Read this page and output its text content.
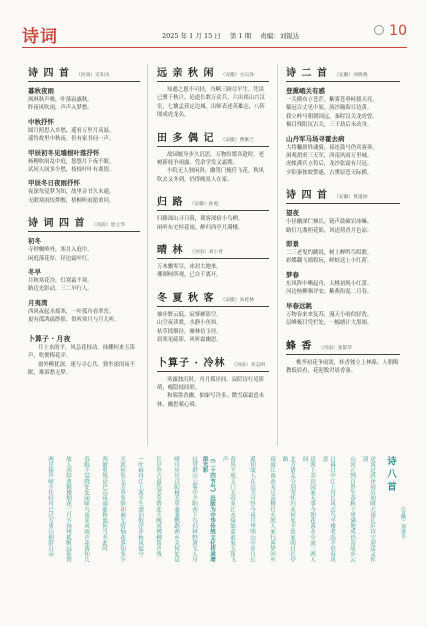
诗词	2025 年 1 月 15 日 第 1 期 责编：刘锐达	10
诗 四 首 （河南）史知水
暮秋夜雨
飒飒秋声晚，叶落寂露秋。
昨夜风吹雨，声声入梦愁。
中秋抒怀
圆月照思入乡愁，遥看万里月高悬。
遥怜故里中秋夜，仍有家书问一声。
甲辰初冬见墙根叶落抒怀
杨柳吹雨乱中庭，悠悠月下夜不眠。
试问人间多少愁，枝枝叶叶有离情。
甲辰冬日夜雨抒怀
夜深每觉梦为知，故里音书久未通。
无眠寒雨惊梦醒，梧桐听雨愿重问。
诗 词 四 首 （河南）唐立华
初冬
寺钟飘岭外，寒月入庭中。
闲庭落花厚，径边霜叶红。
冬早
月秋寒花冷，灯寒霜不寒。
路边光影动，三二早行人。
月夷湾
西风夜起水摇寒，一叶孤舟看翠峦。
更有孤鸿疏纱影，似听寒月与月儿听。
卜算子 · 月夜
月上水的平，风急花枝动。抹棚何来玉笛声，吹彻梅花弄。
窗外柳犹深，迷与寻心共。独坐深闺夜不眠，难诉愁无梦。
远 亲 秋 闲 （安徽）方宗泽
知遇之恩不可轻，乃啊三顾尽平生。凭谈已熏千秋计，论道长歌万众兵。六出祁山兴汉室，七擒孟获定边城。出师表述英雄志，八阵图成虎龙名。
田 多 偶 记 （安徽）曹紫兰
故园履身步久沉思，万物纷繁各趁时。老树新枝争雨露，凭余学发又霜期。
小院无人独闲斜，幽篁门掩任飞花。秋风吹去又冬到，仍得晚景人在家。
归 路 （安徽）孙进
归路深山寻日暮，琐客深宿小鸟栖。
闲听东宅桂花雨，醉归西亭月满楼。
晴 林 （河南）刘小青
万木飘零尽，冰封大地来。
珊瑚柯所观，已自千离开。
冬 夏 秋 客 （安徽）朱桂林
抽步野云低，寂寥雁影空。
山空夜读歌，水静小鱼知。
枯草摇烟径，雁林信玉径。
晨寒见疏影，风听霜幽思。
卜算子 · 冷林 （河南）李志明
寒露独沉时，舟月孤诠间。寂院诗行觅影萌，瘦隐枝间彩。
和端墨香幽，抽象写冷多，微雪疏霜意未休，幽思萦心境。
诗 二 首 （安徽）刘晓燕
登熏峨关有感
一关横布立苍茫，紫雾苍垂峙拔天亮。
戴冠百丈见中原，流沙瀚海日边黄。
我立岭马朝朝国远，秦时汉关龙虎曾。
极目残阳沉古关，三千劫后未动身。
山丹军马场寻霍去病
大将曬旗姓魂骑，祁连鼓马仍宾客奔。
洞观胡虏三天军，西南风雨万里城。
虎帐满兵立将后，龙沙张霜有尺冠。
夕阳秦独皎警遂，古熏原苍天际横。
诗 四 首 （安徽）黄道禄
望夜
小径幽深伫梯长，链声鼓破岩冰嘛。
路灯几盏照花影，风送荷香月色凉。
即景
二三老叟约跳说，树上蝉鸣鸟唱歌。
彩蝶翻飞嬉娱玩，鲜蛙送上小红荷。
梦春
东风阵中晰起舟，天桃初现小红蕾。
河边杨柳频评安，紫燕衔泥二月春。
早春远眺
万物春来来复苏，漫天小雨似轻洗。
层峰极目凭栏处，一幅塘计大墨图。
蜂 香 （河南）张郁华
桃李初花争雨淡，桂香独立上林葆。人朝晦教低眉看，花迎数君晨香盔。
诗 八 首
（安徽）郑建平
送客过洪泽雨后初晴天深长庐诗空迎送又作别
山河正到自然生春秋十里满地成仍寄故乡云
日暮日中江上舟长风去鸟平楼老翁不识春风意
送客上亲田园家无事今朝花落水中流三两人间
北方诸友分别寄怀归来何处不思家明日长亭路
夜雨江南春未尽高楼灯火照人家行客梦回乡
遥知故人在远方可怜今夜月华明山中岁月长
春风不度玉门关春来江水绿如蓝谁家玉笛飞声
《二十四节气》出版为中华传统文化传承增添光彩
远望群山云雾中夕阳西下鸟归林野渡无人舟
晴川历历汉阳树芳草萋萋鹦鹉洲乡关何处是
长亭外古道边芳草碧连天晚风拂柳笛声残
一叶扁舟江上客半生漂泊似浮萍秋风起兮
天涯何处无芳草多情却被无情恼花落知多少
西窗剪烛话巴山夜雨涨秋池何当共此时
春眠不觉晓处处闻啼鸟夜来风雨声花落知几
故人西辞黄鹤楼烟花三月下扬州孤帆远影碧
两岸猿声啼不住轻舟已过万重山朝辞白帝
